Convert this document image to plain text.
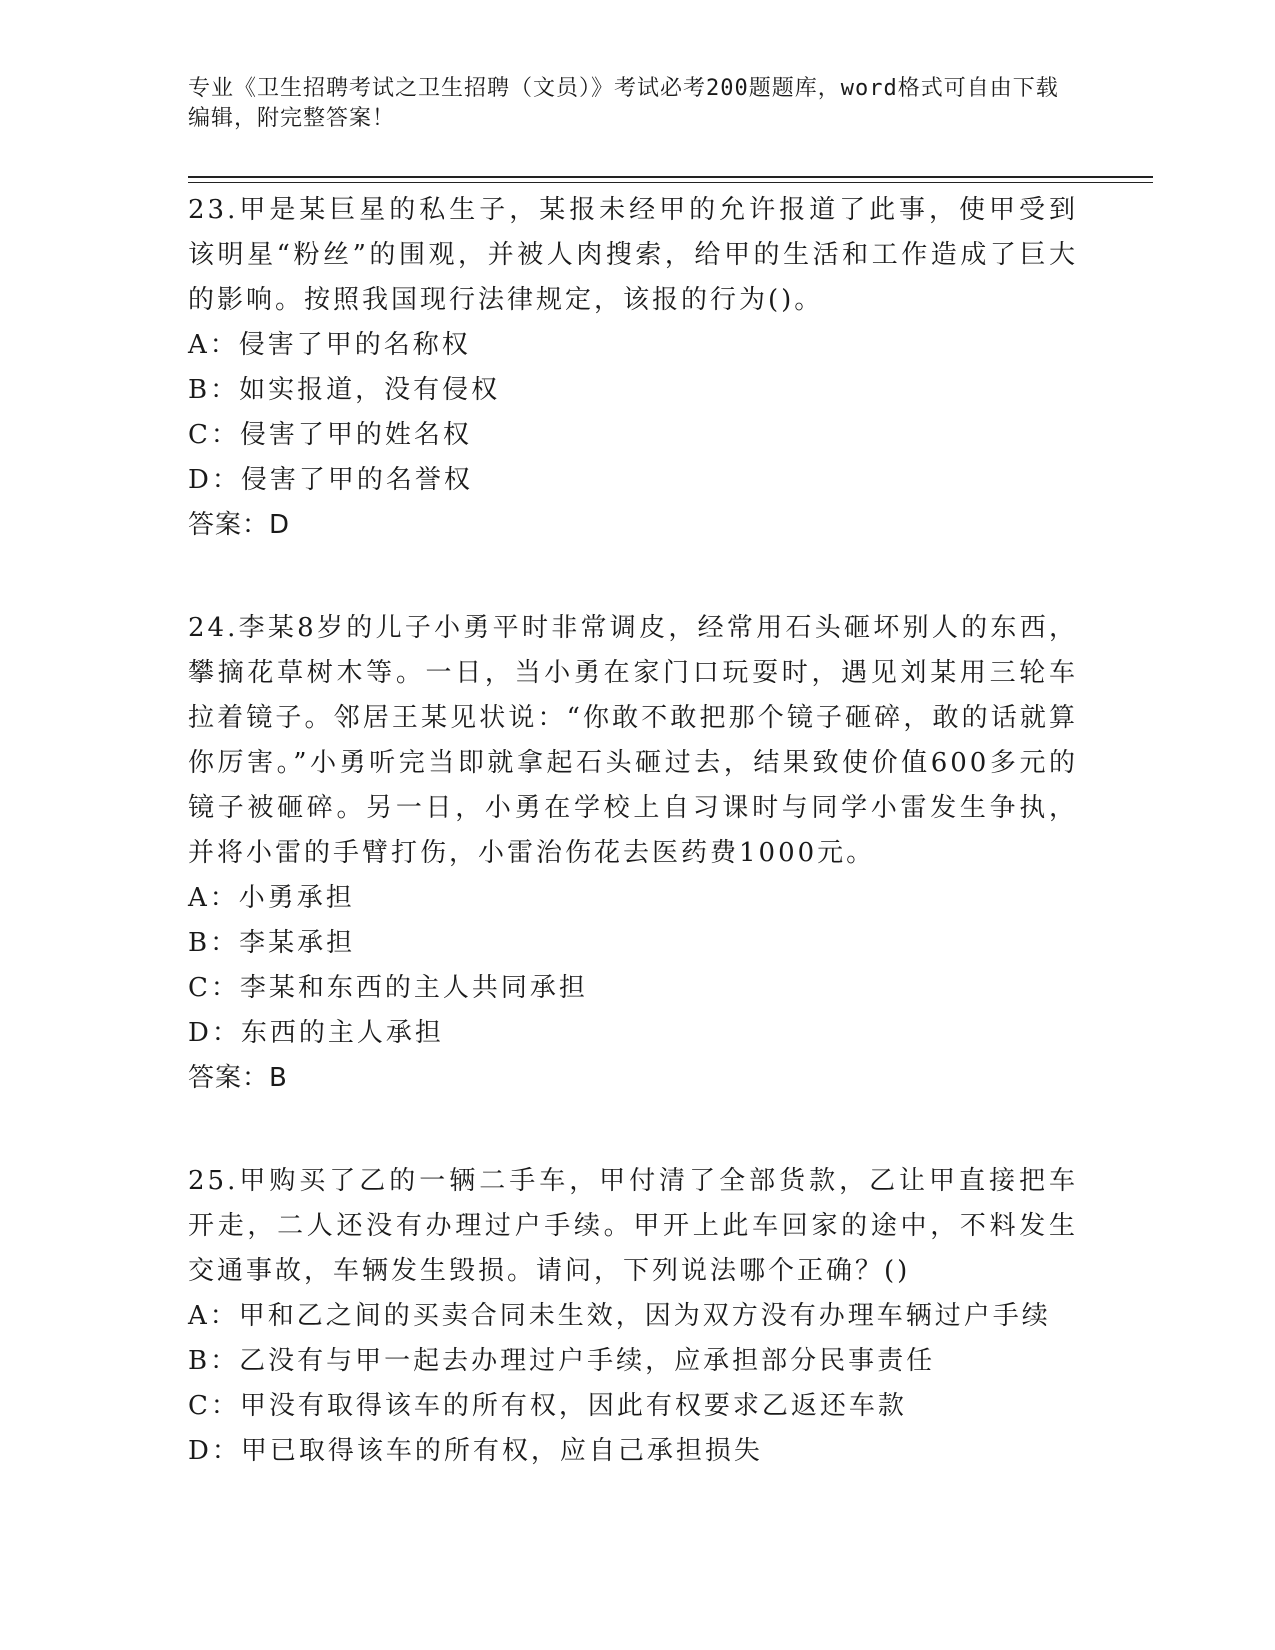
专业《卫生招聘考试之卫生招聘（文员）》考试必考200题题库，word格式可自由下载编辑，附完整答案！

23.甲是某巨星的私生子，某报未经甲的允许报道了此事，使甲受到该明星“粉丝”的围观，并被人肉搜索，给甲的生活和工作造成了巨大的影响。按照我国现行法律规定，该报的行为()。

A：侵害了甲的名称权

B：如实报道，没有侵权

C：侵害了甲的姓名权

D：侵害了甲的名誉权

答案：D

24.李某8岁的儿子小勇平时非常调皮，经常用石头砸坏别人的东西，攀摘花草树木等。一日，当小勇在家门口玩耍时，遇见刘某用三轮车拉着镜子。邻居王某见状说：“你敢不敢把那个镜子砸碎，敢的话就算你厉害。”小勇听完当即就拿起石头砸过去，结果致使价值600多元的镜子被砸碎。另一日，小勇在学校上自习课时与同学小雷发生争执，并将小雷的手臂打伤，小雷治伤花去医药费1000元。

A：小勇承担

B：李某承担

C：李某和东西的主人共同承担

D：东西的主人承担

答案：B

25.甲购买了乙的一辆二手车，甲付清了全部货款，乙让甲直接把车开走，二人还没有办理过户手续。甲开上此车回家的途中，不料发生交通事故，车辆发生毁损。请问，下列说法哪个正确？()

A：甲和乙之间的买卖合同未生效，因为双方没有办理车辆过户手续

B：乙没有与甲一起去办理过户手续，应承担部分民事责任

C：甲没有取得该车的所有权，因此有权要求乙返还车款

D：甲已取得该车的所有权，应自己承担损失
